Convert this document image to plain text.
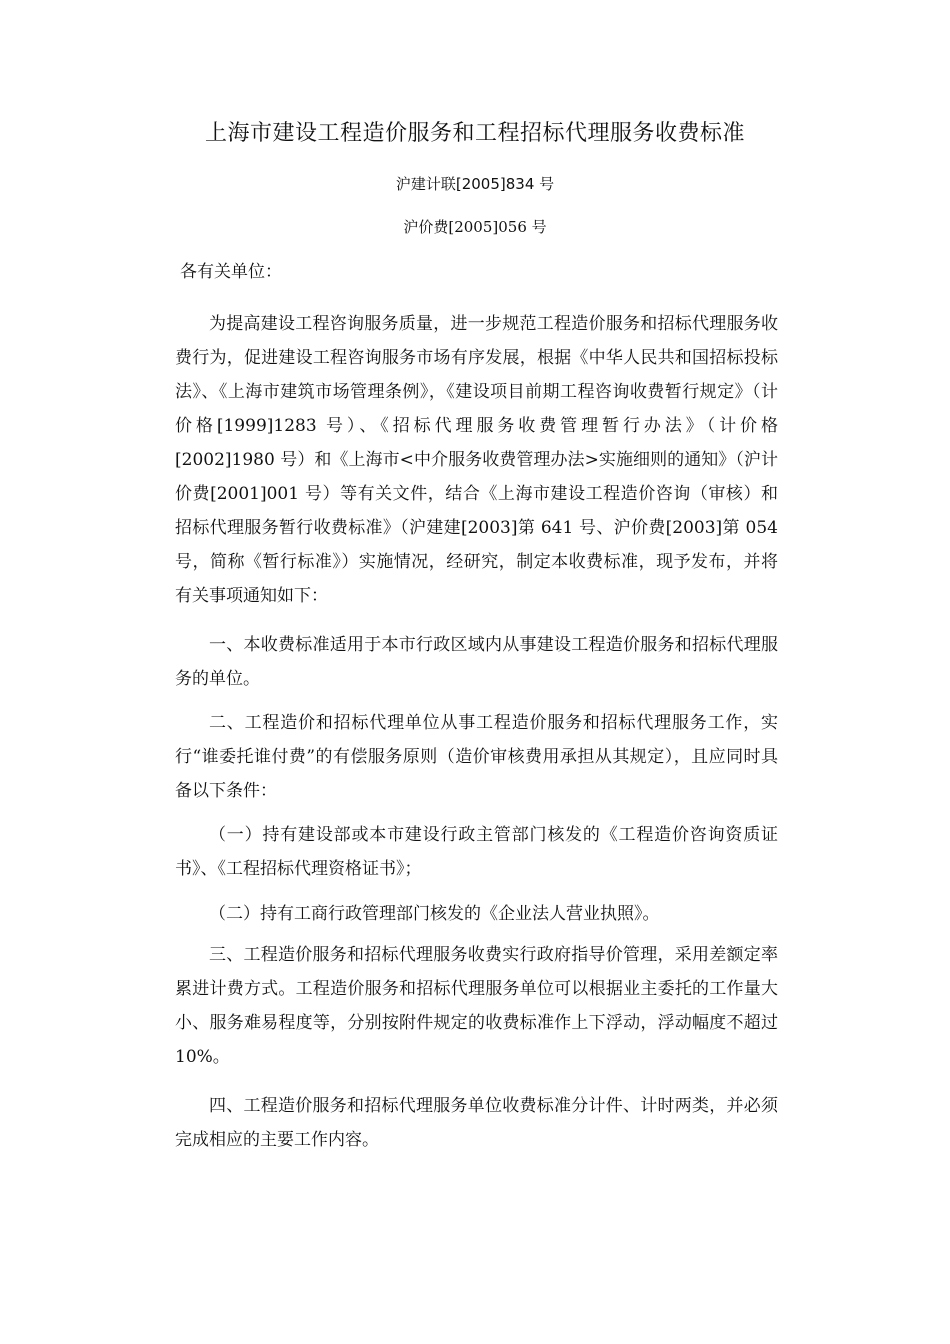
上海市建设工程造价服务和工程招标代理服务收费标准
沪建计联[2005]834 号
沪价费[2005]056 号
各有关单位：

为提高建设工程咨询服务质量，进一步规范工程造价服务和招标代理服务收费行为，促进建设工程咨询服务市场有序发展，根据《中华人民共和国招标投标法》、《上海市建筑市场管理条例》，《建设项目前期工程咨询收费暂行规定》（计价格[1999]1283 号）、《招标代理服务收费管理暂行办法》（计价格[2002]1980 号）和《上海市<中介服务收费管理办法>实施细则的通知》（沪计价费[2001]001 号）等有关文件，结合《上海市建设工程造价咨询（审核）和招标代理服务暂行收费标准》（沪建建[2003]第 641 号、沪价费[2003]第 054 号，简称《暂行标准》）实施情况，经研究，制定本收费标准，现予发布，并将有关事项通知如下：

一、本收费标准适用于本市行政区域内从事建设工程造价服务和招标代理服务的单位。

二、工程造价和招标代理单位从事工程造价服务和招标代理服务工作，实行“谁委托谁付费”的有偿服务原则（造价审核费用承担从其规定），且应同时具备以下条件：

（一）持有建设部或本市建设行政主管部门核发的《工程造价咨询资质证书》、《工程招标代理资格证书》；

（二）持有工商行政管理部门核发的《企业法人营业执照》。

三、工程造价服务和招标代理服务收费实行政府指导价管理，采用差额定率累进计费方式。工程造价服务和招标代理服务单位可以根据业主委托的工作量大小、服务难易程度等，分别按附件规定的收费标准作上下浮动，浮动幅度不超过 10%。

四、工程造价服务和招标代理服务单位收费标准分计件、计时两类，并必须完成相应的主要工作内容。
